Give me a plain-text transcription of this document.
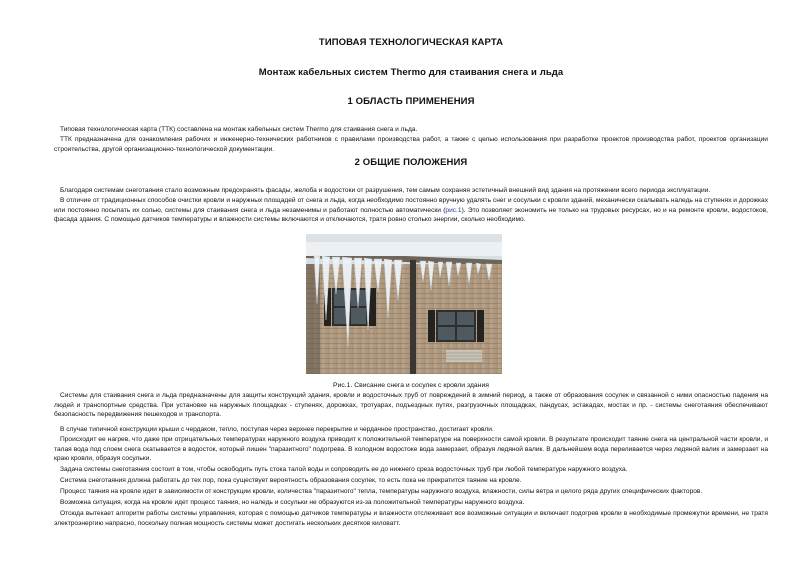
ТИПОВАЯ ТЕХНОЛОГИЧЕСКАЯ КАРТА
Монтаж кабельных систем Thermo для стаивания снега и льда
1 ОБЛАСТЬ ПРИМЕНЕНИЯ

Типовая технологическая карта (ТТК) составлена на монтаж кабельных систем Thermo для стаивания снега и льда.

ТТК предназначена для ознакомления рабочих и инженерно-технических работников с правилами производства работ, а также с целью использования при разработке проектов производства работ, проектов организации строительства, другой организационно-технологической документации.

2 ОБЩИЕ ПОЛОЖЕНИЯ

Благодаря системам снеготаяния стало возможным предохранять фасады, желоба и водостоки от разрушения, тем самым сохраняя эстетичный внешний вид здания на протяжении всего периода эксплуатации.

В отличие от традиционных способов очистки кровли и наружных площадей от снега и льда, когда необходимо постоянно вручную удалять снег и сосульки с кровли зданий, механически скалывать наледь на ступенях и дорожках или постоянно посыпать их солью, системы для стаивания снега и льда незаменимы и работают полностью автоматически (рис.1). Это позволяет экономить не только на трудовых ресурсах, но и на ремонте кровли, водостоков, фасада здания. С помощью датчиков температуры и влажности системы включаются и отключаются, тратя ровно столько энергии, сколько необходимо.

Рис.1. Свисание снега и сосулек с кровли здания

Системы для стаивания снега и льда предназначены для защиты конструкций здания, кровли и водосточных труб от повреждений в зимний период, а также от образования сосулек и связанной с ними опасностью падения на людей и транспортные средства. При установке на наружных площадках - ступенях, дорожках, тротуарах, подъездных путях, разгрузочных площадках, пандусах, эстакадах, мостах и пр. - системы снеготаяния обеспечивают безопасность передвижения пешеходов и транспорта.

В случае типичной конструкции крыши с чердаком, тепло, поступая через верхнее перекрытие и чердачное пространство, достигает кровли.

Происходит ее нагрев, что даже при отрицательных температурах наружного воздуха приводит к положительной температуре на поверхности самой кровли. В результате происходит таяние снега на центральной части кровли, и талая вода под слоем снега скатывается в водосток, который лишен "паразитного" подогрева. В холодном водостоке вода замерзает, образуя ледяной валик. В дальнейшем вода переливается через ледяной валик и замерзает на краю кровли, образуя сосульки.

Задача системы снеготаяния состоит в том, чтобы освободить путь стока талой воды и сопроводить ее до нижнего среза водосточных труб при любой температуре наружного воздуха.

Система снеготаяния должна работать до тех пор, пока существует вероятность образования сосулек, то есть пока не прекратится таяние на кровле.

Процесс таяния на кровле идет в зависимости от конструкции кровли, количества "паразитного" тепла, температуры наружного воздуха, влажности, силы ветра и целого ряда других специфических факторов.

Возможна ситуация, когда на кровле идет процесс таяния, но наледь и сосульки не образуются из-за положительной температуры наружного воздуха.

Отсюда вытекает алгоритм работы системы управления, которая с помощью датчиков температуры и влажности отслеживает все возможные ситуации и включает подогрев кровли в необходимые промежутки времени, не тратя электроэнергию напрасно, поскольку полная мощность системы может достигать нескольких десятков киловатт.
